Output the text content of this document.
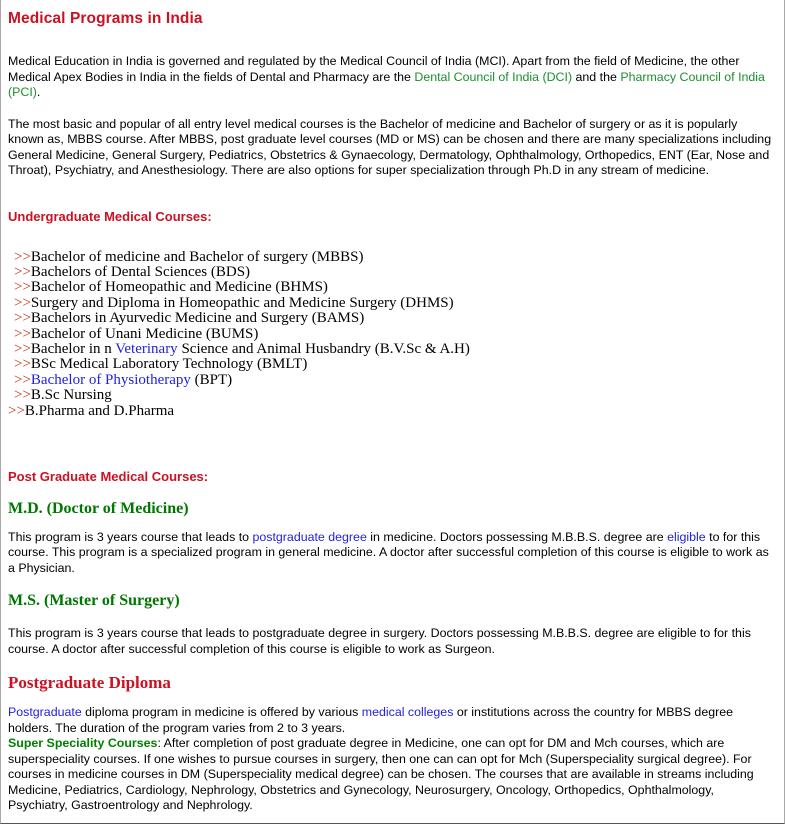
Medical Programs in India

Medical Education in India is governed and regulated by the Medical Council of India (MCI). Apart from the field of Medicine, the other Medical Apex Bodies in India in the fields of Dental and Pharmacy are the Dental Council of India (DCI) and the Pharmacy Council of India (PCI).

The most basic and popular of all entry level medical courses is the Bachelor of medicine and Bachelor of surgery or as it is popularly known as, MBBS course. After MBBS, post graduate level courses (MD or MS) can be chosen and there are many specializations including General Medicine, General Surgery, Pediatrics, Obstetrics & Gynaecology, Dermatology, Ophthalmology, Orthopedics, ENT (Ear, Nose and Throat), Psychiatry, and Anesthesiology. There are also options for super specialization through Ph.D in any stream of medicine.

Undergraduate Medical Courses:
>>Bachelor of medicine and Bachelor of surgery (MBBS)
>>Bachelors of Dental Sciences (BDS)
>>Bachelor of Homeopathic and Medicine (BHMS)
>>Surgery and Diploma in Homeopathic and Medicine Surgery (DHMS)
>>Bachelors in Ayurvedic Medicine and Surgery (BAMS)
>>Bachelor of Unani Medicine (BUMS)
>>Bachelor in n Veterinary Science and Animal Husbandry (B.V.Sc & A.H)
>>BSc Medical Laboratory Technology (BMLT)
>>Bachelor of Physiotherapy (BPT)
>>B.Sc Nursing
>>B.Pharma and D.Pharma
Post Graduate Medical Courses:
M.D. (Doctor of Medicine)

This program is 3 years course that leads to postgraduate degree in medicine. Doctors possessing M.B.B.S. degree are eligible to for this course. This program is a specialized program in general medicine. A doctor after successful completion of this course is eligible to work as a Physician.

M.S. (Master of Surgery)

This program is 3 years course that leads to postgraduate degree in surgery. Doctors possessing M.B.B.S. degree are eligible to for this course. A doctor after successful completion of this course is eligible to work as Surgeon.

Postgraduate Diploma

Postgraduate diploma program in medicine is offered by various medical colleges or institutions across the country for MBBS degree holders. The duration of the program varies from 2 to 3 years.

Super Speciality Courses: After completion of post graduate degree in Medicine, one can opt for DM and Mch courses, which are superspeciality courses. If one wishes to pursue courses in surgery, then one can can opt for Mch (Superspeciality surgical degree). For courses in medicine courses in DM (Superspeciality medical degree) can be chosen. The courses that are available in streams including Medicine, Pediatrics, Cardiology, Nephrology, Obstetrics and Gynecology, Neurosurgery, Oncology, Orthopedics, Ophthalmology, Psychiatry, Gastroentrology and Nephrology.
